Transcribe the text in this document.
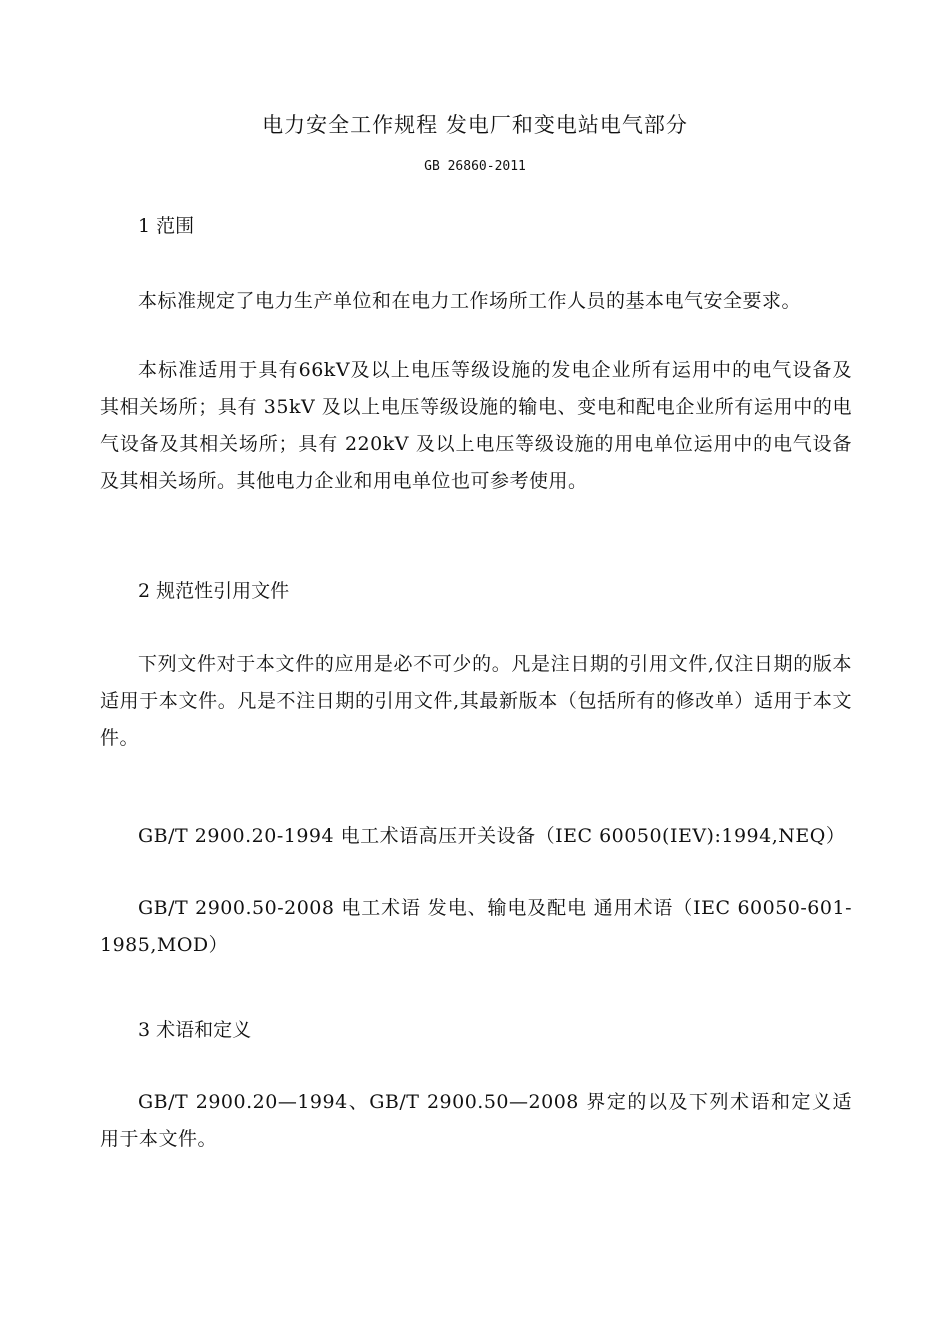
电力安全工作规程 发电厂和变电站电气部分
GB 26860-2011

1 范围

本标准规定了电力生产单位和在电力工作场所工作人员的基本电气安全要求。

本标准适用于具有66kV及以上电压等级设施的发电企业所有运用中的电气设备及其相关场所；具有 35kV 及以上电压等级设施的输电、变电和配电企业所有运用中的电气设备及其相关场所；具有 220kV 及以上电压等级设施的用电单位运用中的电气设备及其相关场所。其他电力企业和用电单位也可参考使用。

2 规范性引用文件

下列文件对于本文件的应用是必不可少的。凡是注日期的引用文件,仅注日期的版本适用于本文件。凡是不注日期的引用文件,其最新版本（包括所有的修改单）适用于本文件。

GB/T 2900.20-1994 电工术语高压开关设备（IEC 60050(IEV):1994,NEQ）

GB/T 2900.50-2008 电工术语 发电、输电及配电 通用术语（IEC 60050-601-1985,MOD）

3 术语和定义

GB/T 2900.20—1994、GB/T 2900.50—2008 界定的以及下列术语和定义适用于本文件。
